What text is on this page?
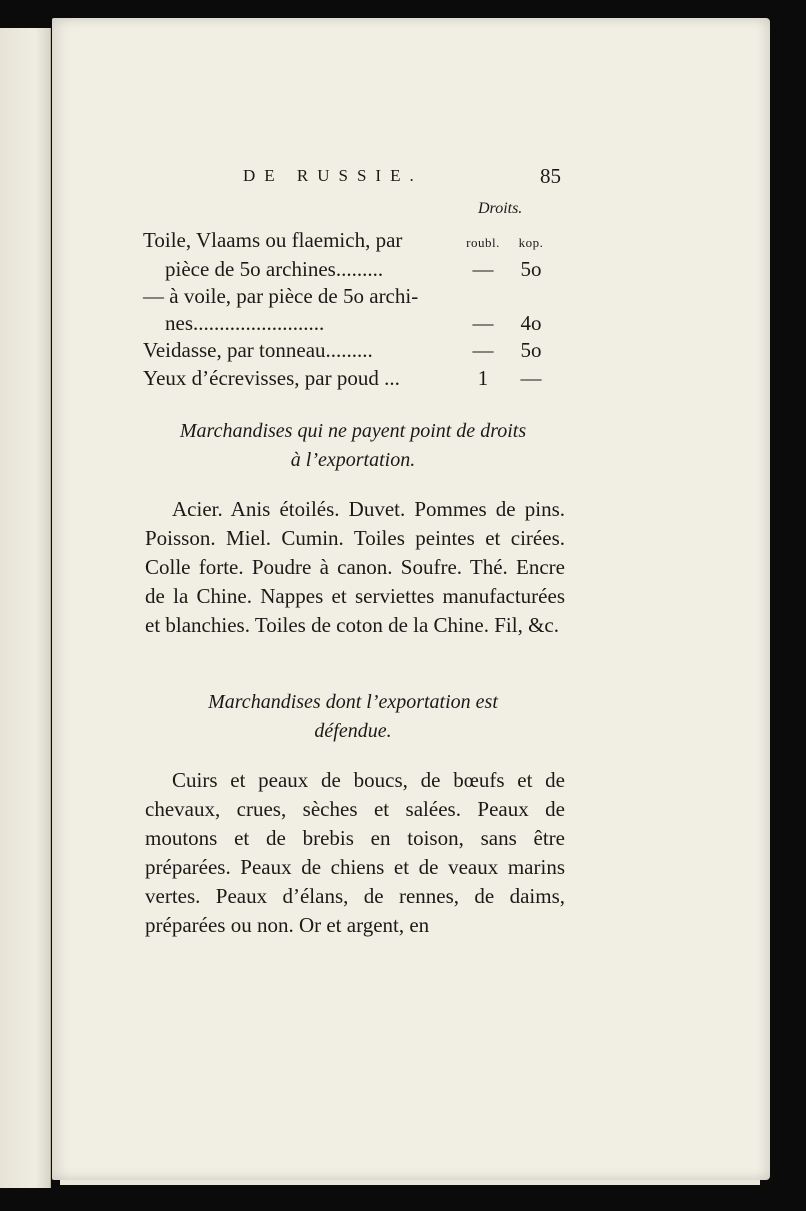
DE RUSSIE.	85
Droits.
Toile, Vlaams ou flaemich, par	roubl.	kop.
pièce de 5o archines.........	—	5o
— à voile, par pièce de 5o archi-
nes.........................	—	4o
Veidasse, par tonneau.........	—	5o
Yeux d’écrevisses, par poud ...	1	—
Marchandises qui ne payent point de droits
à l’exportation.
Acier. Anis étoilés. Duvet. Pommes de pins. Poisson. Miel. Cumin. Toiles peintes et cirées. Colle forte. Poudre à canon. Soufre. Thé. Encre de la Chine. Nappes et serviettes manufacturées et blanchies. Toiles de coton de la Chine. Fil, &c.
Marchandises dont l’exportation est
défendue.
Cuirs et peaux de boucs, de bœufs et de chevaux, crues, sèches et salées. Peaux de moutons et de brebis en toison, sans être préparées. Peaux de chiens et de veaux marins vertes. Peaux d’élans, de rennes, de daims, préparées ou non. Or et argent, en
